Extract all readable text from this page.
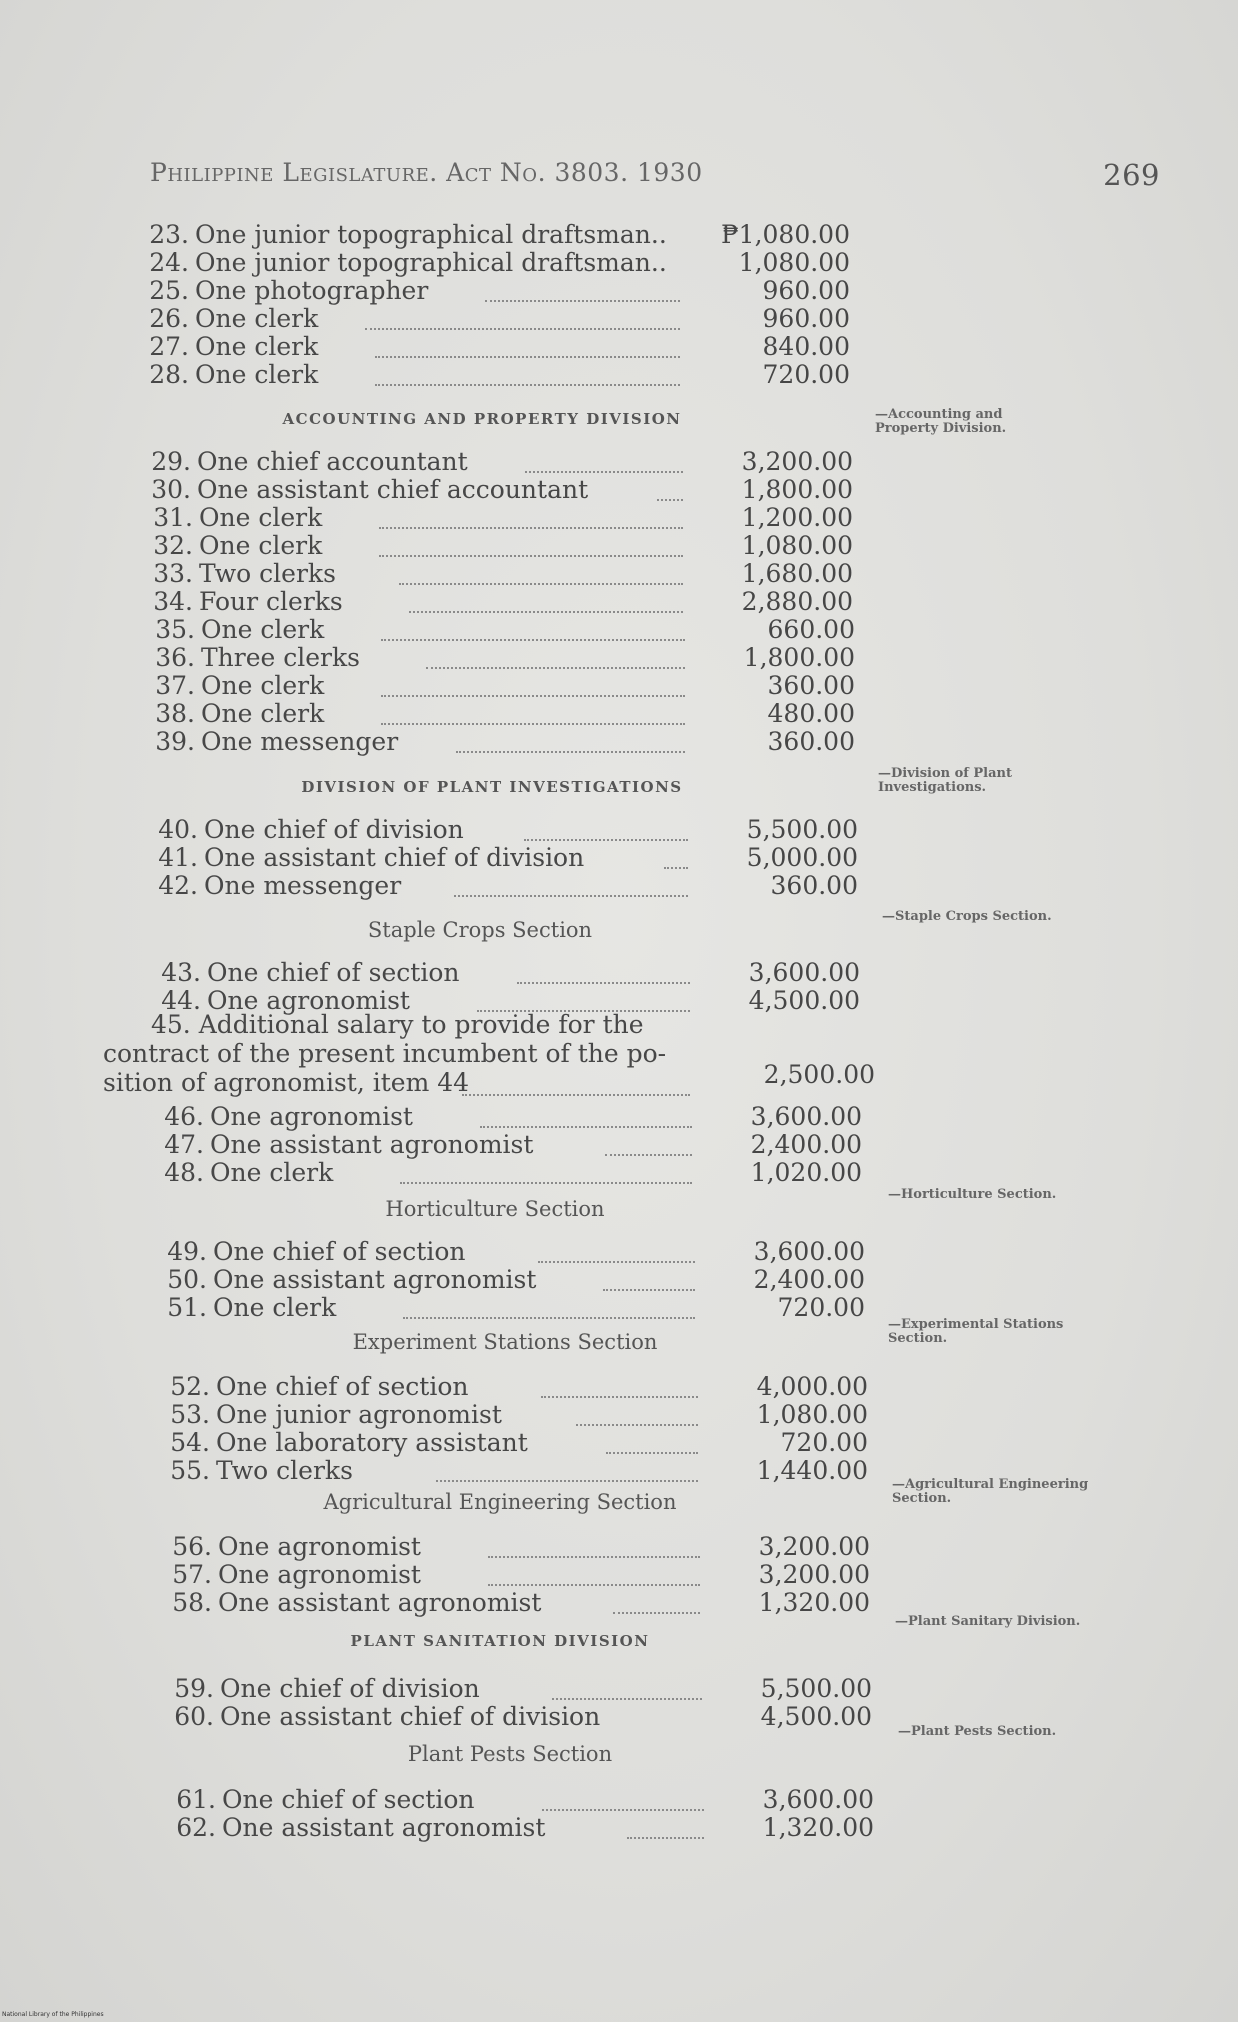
Philippine Legislature. Act No. 3803. 1930	269
ACCOUNTING AND PROPERTY DIVISION
DIVISION OF PLANT INVESTIGATIONS
Staple Crops Section
Horticulture Section
Experiment Stations Section
Agricultural Engineering Section
PLANT SANITATION DIVISION
Plant Pests Section
—Accounting and Property Division.
—Division of Plant Investigations.
—Staple Crops Section.
—Horticulture Section.
—Experimental Stations Section.
—Agricultural Engineering Section.
—Plant Sanitary Division.
—Plant Pests Section.
45. Additional salary to provide for the
contract of the present incumbent of the po-
sition of agronomist, item 44	2,500.00
National Library of the Philippines
23. One junior topographical draftsman.. ₱1,080.00
24. One junior topographical draftsman..	1,080.00
25. One photographer	960.00
26. One clerk	960.00
27. One clerk	840.00
28. One clerk	720.00
29. One chief accountant	3,200.00
30. One assistant chief accountant	1,800.00
31. One clerk	1,200.00
32. One clerk	1,080.00
33. Two clerks	1,680.00
34. Four clerks	2,880.00
35. One clerk	660.00
36. Three clerks	1,800.00
37. One clerk	360.00
38. One clerk	480.00
39. One messenger	360.00
40. One chief of division	5,500.00
41. One assistant chief of division	5,000.00
42. One messenger	360.00
43. One chief of section	3,600.00
44. One agronomist	4,500.00
46. One agronomist	3,600.00
47. One assistant agronomist	2,400.00
48. One clerk	1,020.00
49. One chief of section	3,600.00
50. One assistant agronomist	2,400.00
51. One clerk	720.00
52. One chief of section	4,000.00
53. One junior agronomist	1,080.00
54. One laboratory assistant	720.00
55. Two clerks	1,440.00
56. One agronomist	3,200.00
57. One agronomist	3,200.00
58. One assistant agronomist	1,320.00
59. One chief of division	5,500.00
60. One assistant chief of division	4,500.00
61. One chief of section	3,600.00
62. One assistant agronomist	1,320.00
